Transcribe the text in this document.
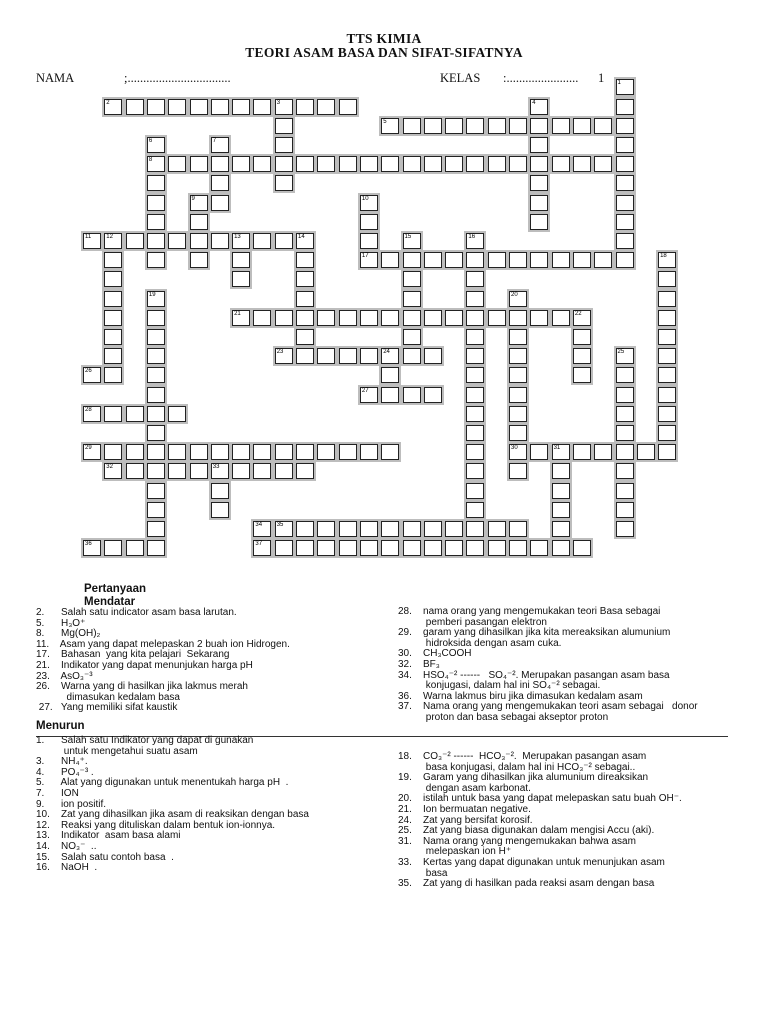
TTS KIMIA
TEORI ASAM BASA DAN SIFAT-SIFATNYA
NAMA	;.................................	KELAS :....................... 1
2	3
5
8
11	12	13
17
21	22
23	24
26
27
28
29	30	31
32	33
34 35
36	37
1
4
6	7
9	10
14	15	16
18
19	20
25
Pertanyaan
Mendatar
2.      Salah satu indicator asam basa larutan.
5.      H₃O⁺
8.      Mg(OH)₂
11.    Asam yang dapat melepaskan 2 buah ion Hidrogen.
17.    Bahasan  yang kita pelajari  Sekarang
21.    Indikator yang dapat menunjukan harga pH
23.    AsO₃⁻³
26.    Warna yang di hasilkan jika lakmus merah
dimasukan kedalam basa
27.   Yang memiliki sifat kaustik
28.    nama orang yang mengemukakan teori Basa sebagai
pemberi pasangan elektron
29.    garam yang dihasilkan jika kita mereaksikan alumunium
hidroksida dengan asam cuka.
30.    CH₃COOH
32.    BF₃
34.    HSO₄⁻² ------   SO₄⁻². Merupakan pasangan asam basa
konjugasi, dalam hal ini SO₄⁻² sebagai.
36.    Warna lakmus biru jika dimasukan kedalam asam
37.    Nama orang yang mengemukakan teori asam sebagai   donor
proton dan basa sebagai akseptor proton
Menurun
1.      Salah satu Indikator yang dapat di gunakan
untuk mengetahui suatu asam
3.      NH₄⁺.
4.      PO₄⁻³ .
5.      Alat yang digunakan untuk menentukah harga pH  .
7.      ION
9.      ion positif.
10.    Zat yang dihasilkan jika asam di reaksikan dengan basa
12.    Reaksi yang dituliskan dalam bentuk ion-ionnya.
13.    Indikator  asam basa alami
14.    NO₃⁻  ..
15.    Salah satu contoh basa  .
16.    NaOH  .
18.    CO₃⁻² ------  HCO₃⁻².  Merupakan pasangan asam
basa konjugasi, dalam hal ini HCO₃⁻² sebagai..
19.    Garam yang dihasilkan jika alumunium direaksikan
dengan asam karbonat.
20.    istilah untuk basa yang dapat melepaskan satu buah OH⁻.
21.    Ion bermuatan negative.
24.    Zat yang bersifat korosif.
25.    Zat yang biasa digunakan dalam mengisi Accu (aki).
31.    Nama orang yang mengemukakan bahwa asam
melepaskan ion H⁺
33.    Kertas yang dapat digunakan untuk menunjukan asam
basa
35.    Zat yang di hasilkan pada reaksi asam dengan basa
